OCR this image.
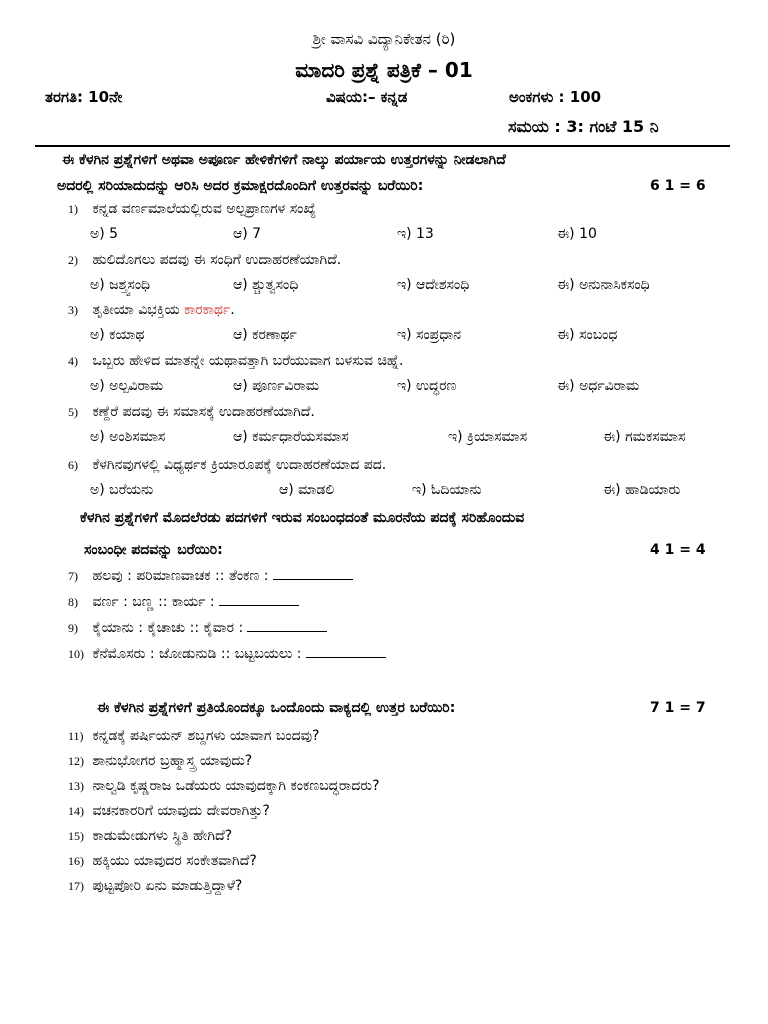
ಶ್ರೀ ವಾಸವಿ ವಿದ್ಯಾನಿಕೇತನ (ರಿ)
ಮಾದರಿ ಪ್ರಶ್ನೆ ಪತ್ರಿಕೆ – 01
ತರಗತಿ: 10ನೇ	ವಿಷಯ:– ಕನ್ನಡ	ಅಂಕಗಳು : 100
ಸಮಯ : 3: ಗಂಟೆ 15 ನಿ
ಈ ಕೆಳಗಿನ ಪ್ರಶ್ನೆಗಳಿಗೆ ಅಥವಾ ಅಪೂರ್ಣ ಹೇಳಿಕೆಗಳಿಗೆ ನಾಲ್ಕು ಪರ್ಯಾಯ ಉತ್ತರಗಳನ್ನು ನೀಡಲಾಗಿದೆ
ಅದರಲ್ಲಿ ಸರಿಯಾದುದನ್ನು ಆರಿಸಿ ಅದರ ಕ್ರಮಾಕ್ಷರದೊಂದಿಗೆ ಉತ್ತರವನ್ನು ಬರೆಯಿರಿ:	6 1 = 6
1) ಕನ್ನಡ ವರ್ಣಮಾಲೆಯಲ್ಲಿರುವ ಅಲ್ಪಪ್ರಾಣಗಳ ಸಂಖ್ಯೆ
ಅ) 5	ಆ) 7	ಇ) 13	ಈ) 10
2) ಹುಲಿದೊಗಲು ಪದವು ಈ ಸಂಧಿಗೆ ಉದಾಹರಣೆಯಾಗಿದೆ.
ಅ) ಜಶ್ತ್ವಸಂಧಿ	ಆ) ಶ್ಚುತ್ವಸಂಧಿ	ಇ) ಆದೇಶಸಂಧಿ	ಈ) ಅನುನಾಸಿಕಸಂಧಿ
3) ತೃತೀಯಾ ವಿಭಕ್ತಿಯ ಕಾರಕಾರ್ಥ.
ಅ) ಕಯಾಥ	ಆ) ಕರಣಾರ್ಥ	ಇ) ಸಂಪ್ರಧಾನ	ಈ) ಸಂಬಂಧ
4) ಒಬ್ಬರು ಹೇಳಿದ ಮಾತನ್ನೇ ಯಥಾವತ್ತಾಗಿ ಬರೆಯುವಾಗ ಬಳಸುವ ಚಿಹ್ನೆ.
ಅ) ಅಲ್ಪವಿರಾಮ	ಆ) ಪೂರ್ಣವಿರಾಮ	ಇ) ಉದ್ಧರಣ	ಈ) ಅರ್ಧವಿರಾಮ
5) ಕಣ್ದೆರೆ ಪದವು ಈ ಸಮಾಸಕ್ಕೆ ಉದಾಹರಣೆಯಾಗಿದೆ.
ಅ) ಅಂಶಿಸಮಾಸ	ಆ) ಕರ್ಮಧಾರೆಯಸಮಾಸ	ಇ) ಕ್ರಿಯಾಸಮಾಸ	ಈ) ಗಮಕಸಮಾಸ
6) ಕೆಳಗಿನವುಗಳಲ್ಲಿ ವಿಧ್ಯರ್ಥಕ ಕ್ರಿಯಾರೂಪಕ್ಕೆ ಉದಾಹರಣೆಯಾದ ಪದ.
ಅ) ಬರೆಯನು	ಆ) ಮಾಡಲಿ	ಇ) ಓದಿಯಾನು	ಈ) ಹಾಡಿಯಾರು
ಕೆಳಗಿನ ಪ್ರಶ್ನೆಗಳಿಗೆ ಮೊದಲೆರಡು ಪದಗಳಿಗೆ ಇರುವ ಸಂಬಂಧದಂತೆ ಮೂರನೆಯ ಪದಕ್ಕೆ ಸರಿಹೊಂದುವ
ಸಂಬಂಧೀ ಪದವನ್ನು ಬರೆಯಿರಿ:	4 1 = 4
7) ಹಲವು : ಪರಿಮಾಣವಾಚಕ :: ತೆಂಕಣ :
8) ವರ್ಣ : ಬಣ್ಣ :: ಕಾರ್ಯ :
9) ಕೈಯಾನು : ಕೈಚಾಚು :: ಕೈವಾರ :
10) ಕೆನೆಮೊಸರು : ಜೋಡುನುಡಿ :: ಬಟ್ಟಬಯಲು :
ಈ ಕೆಳಗಿನ ಪ್ರಶ್ನೆಗಳಿಗೆ ಪ್ರತಿಯೊಂದಕ್ಕೂ ಒಂದೊಂದು ವಾಕ್ಯದಲ್ಲಿ ಉತ್ತರ ಬರೆಯಿರಿ:	7 1 = 7
11) ಕನ್ನಡಕ್ಕೆ ಪರ್ಷಿಯನ್ ಶಬ್ದಗಳು ಯಾವಾಗ ಬಂದವು?
12) ಶಾನುಭೋಗರ ಬ್ರಹ್ಮಾಸ್ತ್ರ ಯಾವುದು?
13) ನಾಲ್ವಡಿ ಕೃಷ್ಣರಾಜ ಒಡೆಯರು ಯಾವುದಕ್ಕಾಗಿ ಕಂಕಣಬದ್ಧರಾದರು?
14) ವಚನಕಾರರಿಗೆ ಯಾವುದು ದೇವರಾಗಿತ್ತು?
15) ಕಾಡುಮೇಡುಗಳು ಸ್ಥಿತಿ ಹೇಗಿದೆ?
16) ಹಕ್ಕಿಯು ಯಾವುದರ ಸಂಕೇತವಾಗಿದೆ?
17) ಪುಟ್ಟಪೋರಿ ಏನು ಮಾಡುತ್ತಿದ್ದಾಳೆ?
